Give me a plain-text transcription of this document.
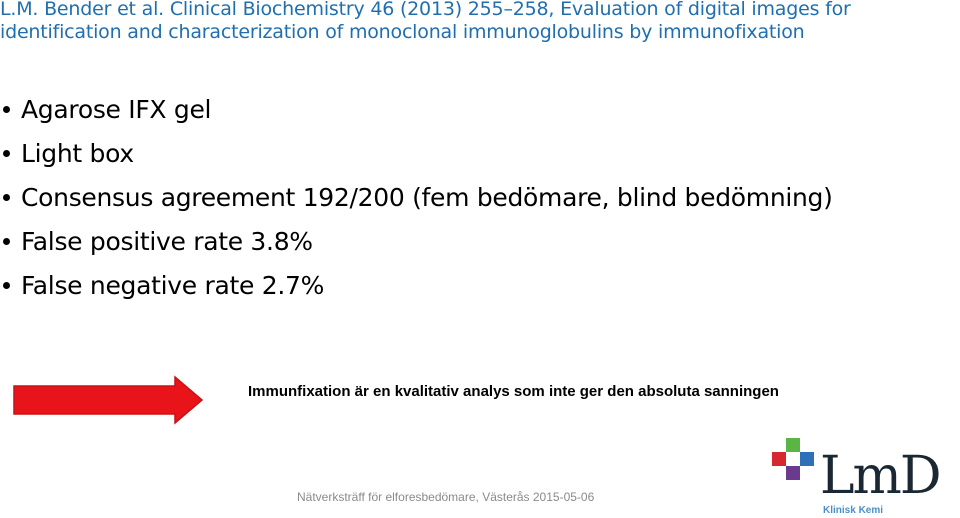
L.M. Bender et al. Clinical Biochemistry 46 (2013) 255–258, Evaluation of digital images for
identification and characterization of monoclonal immunoglobulins by immunofixation
Agarose IFX gel
Light box
Consensus agreement 192/200 (fem bedömare, blind bedömning)
False positive rate 3.8%
False negative rate 2.7%
Immunfixation är en kvalitativ analys som inte ger den absoluta sanningen
Nätverksträff för elforesbedömare, Västerås 2015-05-06	LmD
Klinisk Kemi
